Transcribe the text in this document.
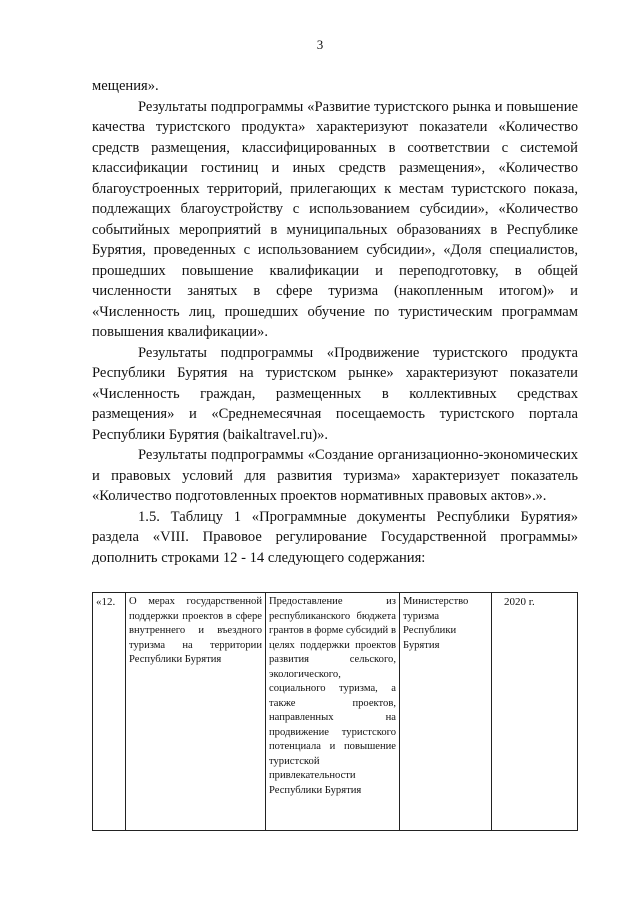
3

мещения».

Результаты подпрограммы «Развитие туристского рынка и повышение качества туристского продукта» характеризуют показатели «Количество средств размещения, классифицированных в соответствии с системой классификации гостиниц и иных средств размещения», «Количество благоустроенных территорий, прилегающих к местам туристского показа, подлежащих благоустройству с использованием субсидии», «Количество событийных мероприятий в муниципальных образованиях в Республике Бурятия, проведенных с использованием субсидии», «Доля специалистов, прошедших повышение квалификации и переподготовку, в общей численности занятых в сфере туризма (накопленным итогом)» и «Численность лиц, прошедших обучение по туристическим программам повышения квалификации».

Результаты подпрограммы «Продвижение туристского продукта Республики Бурятия на туристском рынке» характеризуют показатели «Численность граждан, размещенных в коллективных средствах размещения» и «Среднемесячная посещаемость туристского портала Республики Бурятия (baikaltravel.ru)».

Результаты подпрограммы «Создание организационно-экономических и правовых условий для развития туризма» характеризует показатель «Количество подготовленных проектов нормативных правовых актов».».

1.5. Таблицу 1 «Программные документы Республики Бурятия» раздела «VIII. Правовое регулирование Государственной программы» дополнить строками 12 - 14 следующего содержания:

«12.	О мерах государственной поддержки проектов в сфере внутреннего и въездного туризма на территории Республики Бурятия	Предоставление из республиканского бюджета грантов в форме субсидий в целях поддержки проектов развития сельского, экологического, социального туризма, а также проектов, направленных на продвижение туристского потенциала и повышение туристской привлекательности Республики Бурятия	Министерство туризма Республики Бурятия	2020 г.
